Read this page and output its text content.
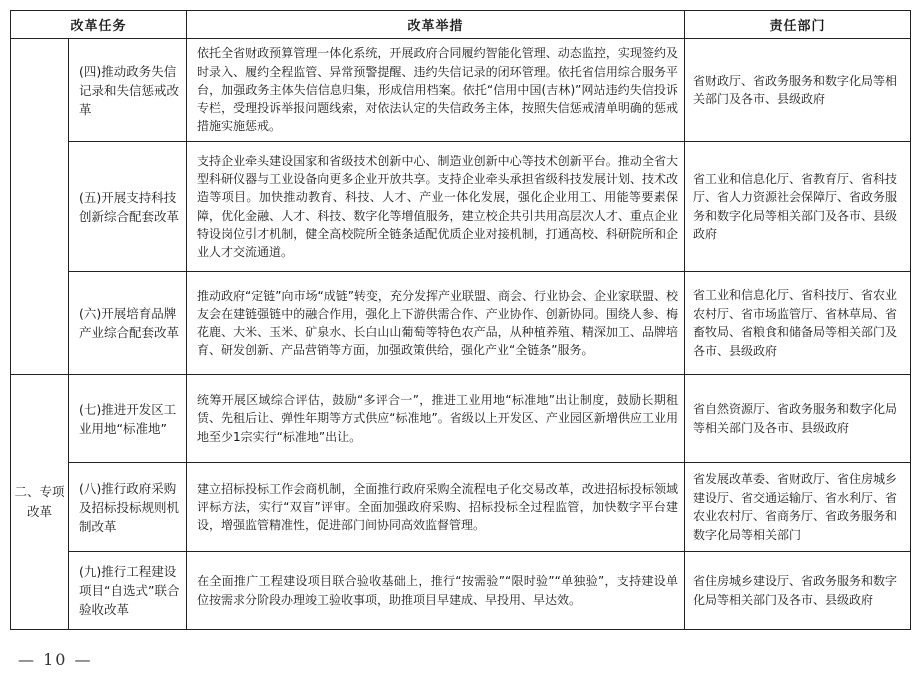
改革任务		改革举措	责任部门
	(四)推动政务失信记录和失信惩戒改革	依托全省财政预算管理一体化系统，开展政府合同履约智能化管理、动态监控，实现签约及时录入、履约全程监管、异常预警提醒、违约失信记录的闭环管理。依托省信用综合服务平台，加强政务主体失信信息归集，形成信用档案。依托“信用中国(吉林)”网站违约失信投诉专栏，受理投诉举报问题线索，对依法认定的失信政务主体，按照失信惩戒清单明确的惩戒措施实施惩戒。	省财政厅、省政务服务和数字化局等相关部门及各市、县级政府
	(五)开展支持科技创新综合配套改革	支持企业牵头建设国家和省级技术创新中心、制造业创新中心等技术创新平台。推动全省大型科研仪器与工业设备向更多企业开放共享。支持企业牵头承担省级科技发展计划、技术改造等项目。加快推动教育、科技、人才、产业一体化发展，强化企业用工、用能等要素保障，优化金融、人才、科技、数字化等增值服务，建立校企共引共用高层次人才、重点企业特设岗位引才机制，健全高校院所全链条适配优质企业对接机制，打通高校、科研院所和企业人才交流通道。	省工业和信息化厅、省教育厅、省科技厅、省人力资源社会保障厅、省政务服务和数字化局等相关部门及各市、县级政府
	(六)开展培育品牌产业综合配套改革	推动政府“定链”向市场“成链”转变，充分发挥产业联盟、商会、行业协会、企业家联盟、校友会在建链强链中的融合作用，强化上下游供需合作、产业协作、创新协同。围绕人参、梅花鹿、大米、玉米、矿泉水、长白山山葡萄等特色农产品，从种植养殖、精深加工、品牌培育、研发创新、产品营销等方面，加强政策供给，强化产业“全链条”服务。	省工业和信息化厅、省科技厅、省农业农村厅、省市场监管厅、省林草局、省畜牧局、省粮食和储备局等相关部门及各市、县级政府
二、专项改革	(七)推进开发区工业用地“标准地”	统筹开展区域综合评估，鼓励“多评合一”，推进工业用地“标准地”出让制度，鼓励长期租赁、先租后让、弹性年期等方式供应“标准地”。省级以上开发区、产业园区新增供应工业用地至少1宗实行“标准地”出让。	省自然资源厅、省政务服务和数字化局等相关部门及各市、县级政府
	(八)推行政府采购及招标投标规则机制改革	建立招标投标工作会商机制，全面推行政府采购全流程电子化交易改革，改进招标投标领域评标方法，实行“双盲”评审。全面加强政府采购、招标投标全过程监管，加快数字平台建设，增强监管精准性，促进部门间协同高效监督管理。	省发展改革委、省财政厅、省住房城乡建设厅、省交通运输厅、省水利厅、省农业农村厅、省商务厅、省政务服务和数字化局等相关部门
	(九)推行工程建设项目“自选式”联合验收改革	在全面推广工程建设项目联合验收基础上，推行“按需验”“限时验”“单独验”，支持建设单位按需求分阶段办理竣工验收事项，助推项目早建成、早投用、早达效。	省住房城乡建设厅、省政务服务和数字化局等相关部门及各市、县级政府
— 10 —
